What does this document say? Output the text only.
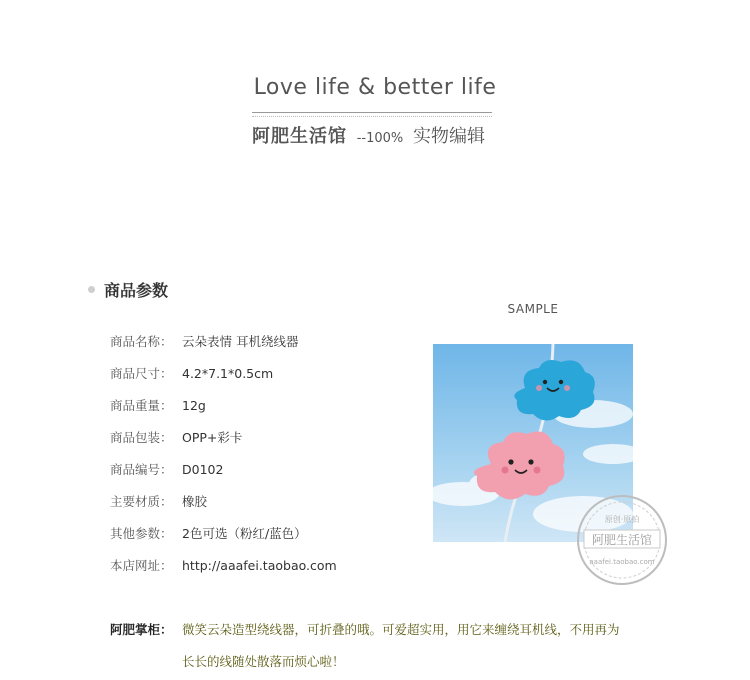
Love life & better life
阿肥生活馆 --100% 实物编辑
商品参数
商品名称： 云朵表情 耳机绕线器
商品尺寸： 4.2*7.1*0.5cm
商品重量： 12g
商品包装： OPP+彩卡
商品编号： D0102
主要材质： 橡胶
其他参数： 2色可选（粉红/蓝色）
本店网址： http://aaafei.taobao.com
SAMPLE
原创·原拍
阿肥生活馆
aaafei.taobao.com
阿肥掌柜： 微笑云朵造型绕线器，可折叠的哦。可爱超实用，用它来缠绕耳机线，不用再为
长长的线随处散落而烦心啦！
